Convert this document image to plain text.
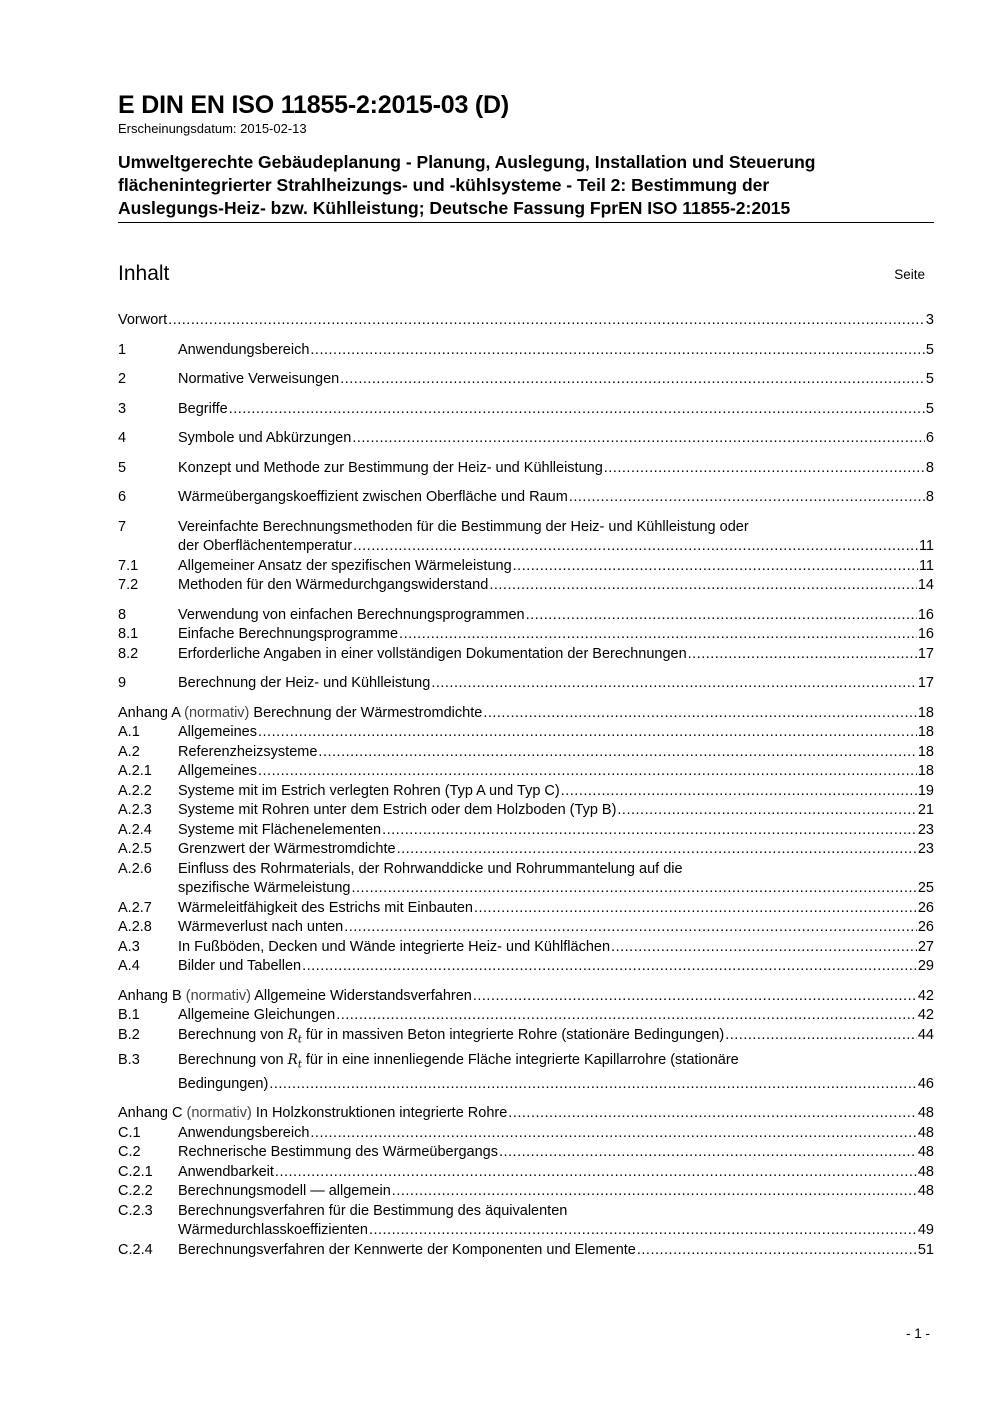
E DIN EN ISO 11855-2:2015-03 (D)
Erscheinungsdatum: 2015-02-13
Umweltgerechte Gebäudeplanung - Planung, Auslegung, Installation und Steuerung
flächenintegrierter Strahlheizungs- und -kühlsysteme - Teil 2: Bestimmung der
Auslegungs-Heiz- bzw. Kühlleistung; Deutsche Fassung FprEN ISO 11855-2:2015
Inhalt	Seite
Vorwort .....	3
1	Anwendungsbereich .....	5
2	Normative Verweisungen .....	5
3	Begriffe .....	5
4	Symbole und Abkürzungen .....	6
5	Konzept und Methode zur Bestimmung der Heiz- und Kühlleistung .....	8
6	Wärmeübergangskoeffizient zwischen Oberfläche und Raum .....	8
7	Vereinfachte Berechnungsmethoden für die Bestimmung der Heiz- und Kühlleistung oder
der Oberflächentemperatur .....	11
7.1	Allgemeiner Ansatz der spezifischen Wärmeleistung .....	11
7.2	Methoden für den Wärmedurchgangswiderstand .....	14
8	Verwendung von einfachen Berechnungsprogrammen .....	16
8.1	Einfache Berechnungsprogramme .....	16
8.2	Erforderliche Angaben in einer vollständigen Dokumentation der Berechnungen .....	17
9	Berechnung der Heiz- und Kühlleistung .....	17
Anhang A (normativ) Berechnung der Wärmestromdichte .....	18
A.1	Allgemeines .....	18
A.2	Referenzheizsysteme .....	18
A.2.1	Allgemeines .....	18
A.2.2	Systeme mit im Estrich verlegten Rohren (Typ A und Typ C) .....	19
A.2.3	Systeme mit Rohren unter dem Estrich oder dem Holzboden (Typ B) .....	21
A.2.4	Systeme mit Flächenelementen .....	23
A.2.5	Grenzwert der Wärmestromdichte .....	23
A.2.6	Einfluss des Rohrmaterials, der Rohrwanddicke und Rohrummantelung auf die
spezifische Wärmeleistung .....	25
A.2.7	Wärmeleitfähigkeit des Estrichs mit Einbauten .....	26
A.2.8	Wärmeverlust nach unten .....	26
A.3	In Fußböden, Decken und Wände integrierte Heiz- und Kühlflächen .....	27
A.4	Bilder und Tabellen .....	29
Anhang B (normativ) Allgemeine Widerstandsverfahren .....	42
B.1	Allgemeine Gleichungen .....	42
B.2	Berechnung von $R_t$ für in massiven Beton integrierte Rohre (stationäre Bedingungen) .....	44
B.3	Berechnung von $R_t$ für in eine innenliegende Fläche integrierte Kapillarrohre (stationäre
Bedingungen) .....	46
Anhang C (normativ) In Holzkonstruktionen integrierte Rohre .....	48
C.1	Anwendungsbereich .....	48
C.2	Rechnerische Bestimmung des Wärmeübergangs .....	48
C.2.1	Anwendbarkeit .....	48
C.2.2	Berechnungsmodell — allgemein .....	48
C.2.3	Berechnungsverfahren für die Bestimmung des äquivalenten
Wärmedurchlasskoeffizienten .....	49
C.2.4	Berechnungsverfahren der Kennwerte der Komponenten und Elemente .....	51
- 1 -
